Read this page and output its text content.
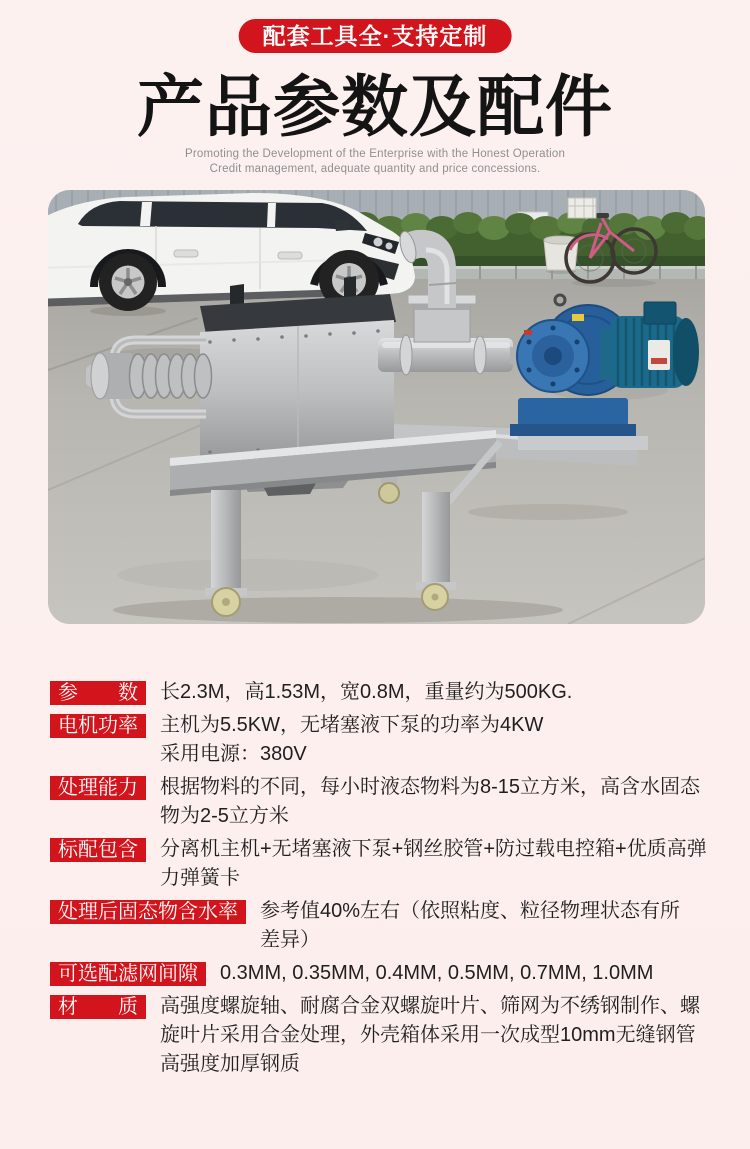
配套工具全·支持定制
产品参数及配件
Promoting the Development of the Enterprise with the Honest Operation
Credit management, adequate quantity and price concessions.
参 数	长2.3M，高1.53M，宽0.8M，重量约为500KG.
电机功率	主机为5.5KW，无堵塞液下泵的功率为4KW
采用电源：380V
处理能力	根据物料的不同，每小时液态物料为8-15立方米，高含水固态
物为2-5立方米
标配包含	分离机主机+无堵塞液下泵+钢丝胶管+防过载电控箱+优质高弹
力弹簧卡
处理后固态物含水率	参考值40%左右（依照粘度、粒径物理状态有所
差异）
可选配滤网间隙	0.3MM, 0.35MM, 0.4MM, 0.5MM, 0.7MM, 1.0MM
材 质	高强度螺旋轴、耐腐合金双螺旋叶片、筛网为不绣钢制作、螺
旋叶片采用合金处理，外壳箱体采用一次成型10mm无缝钢管
高强度加厚钢质
